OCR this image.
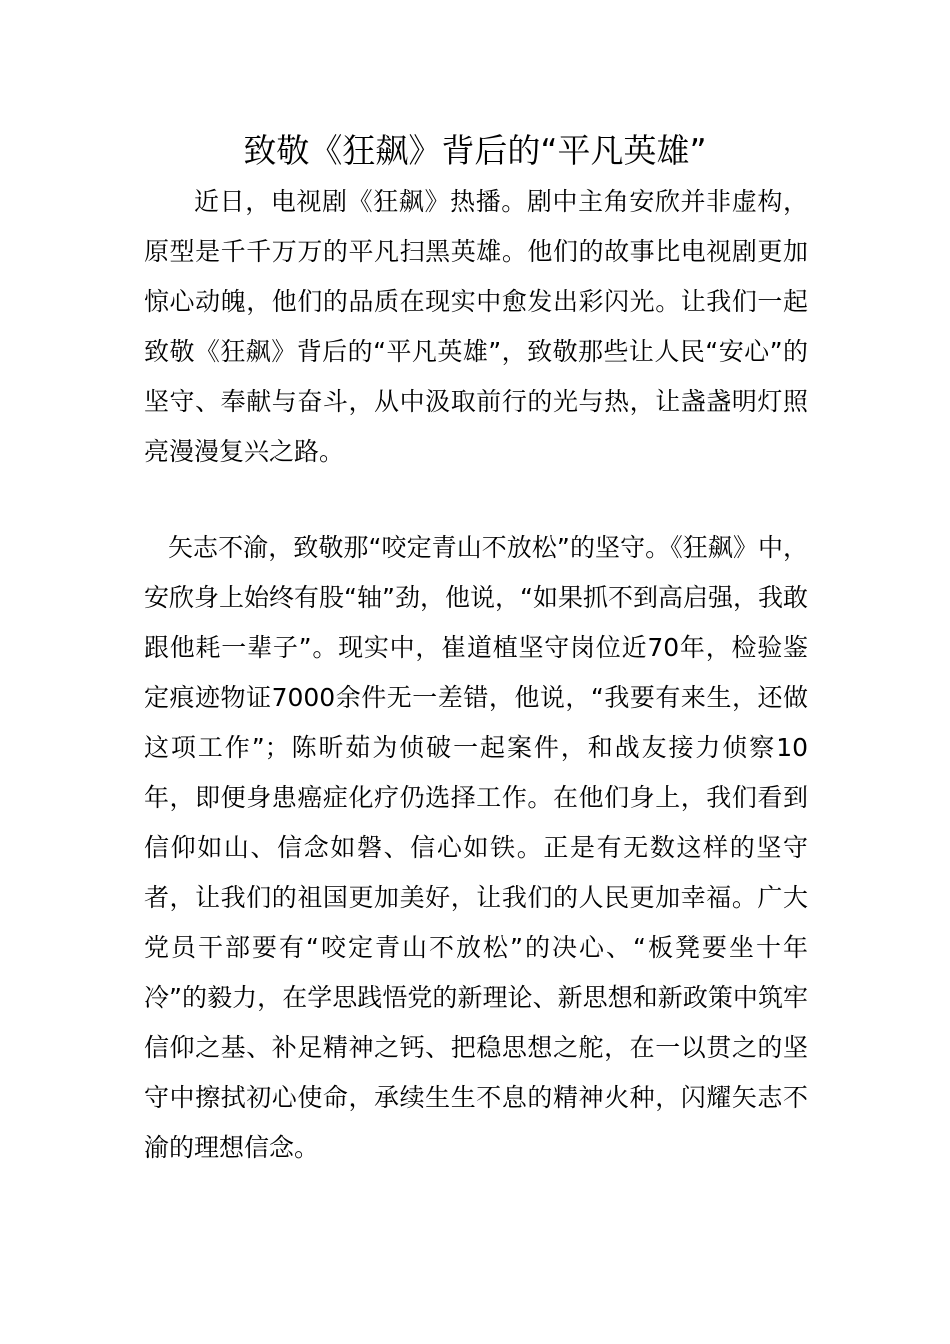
致敬《狂飙》背后的“平凡英雄”

近日，电视剧《狂飙》热播。剧中主角安欣并非虚构，原型是千千万万的平凡扫黑英雄。他们的故事比电视剧更加惊心动魄，他们的品质在现实中愈发出彩闪光。让我们一起致敬《狂飙》背后的“平凡英雄”，致敬那些让人民“安心”的坚守、奉献与奋斗，从中汲取前行的光与热，让盏盏明灯照亮漫漫复兴之路。

矢志不渝，致敬那“咬定青山不放松”的坚守。《狂飙》中，安欣身上始终有股“轴”劲，他说，“如果抓不到高启强，我敢跟他耗一辈子”。现实中，崔道植坚守岗位近70年，检验鉴定痕迹物证7000余件无一差错，他说，“我要有来生，还做这项工作”；陈昕茹为侦破一起案件，和战友接力侦察10年，即便身患癌症化疗仍选择工作。在他们身上，我们看到信仰如山、信念如磐、信心如铁。正是有无数这样的坚守者，让我们的祖国更加美好，让我们的人民更加幸福。广大党员干部要有“咬定青山不放松”的决心、“板凳要坐十年冷”的毅力，在学思践悟党的新理论、新思想和新政策中筑牢信仰之基、补足精神之钙、把稳思想之舵，在一以贯之的坚守中擦拭初心使命，承续生生不息的精神火种，闪耀矢志不渝的理想信念。
